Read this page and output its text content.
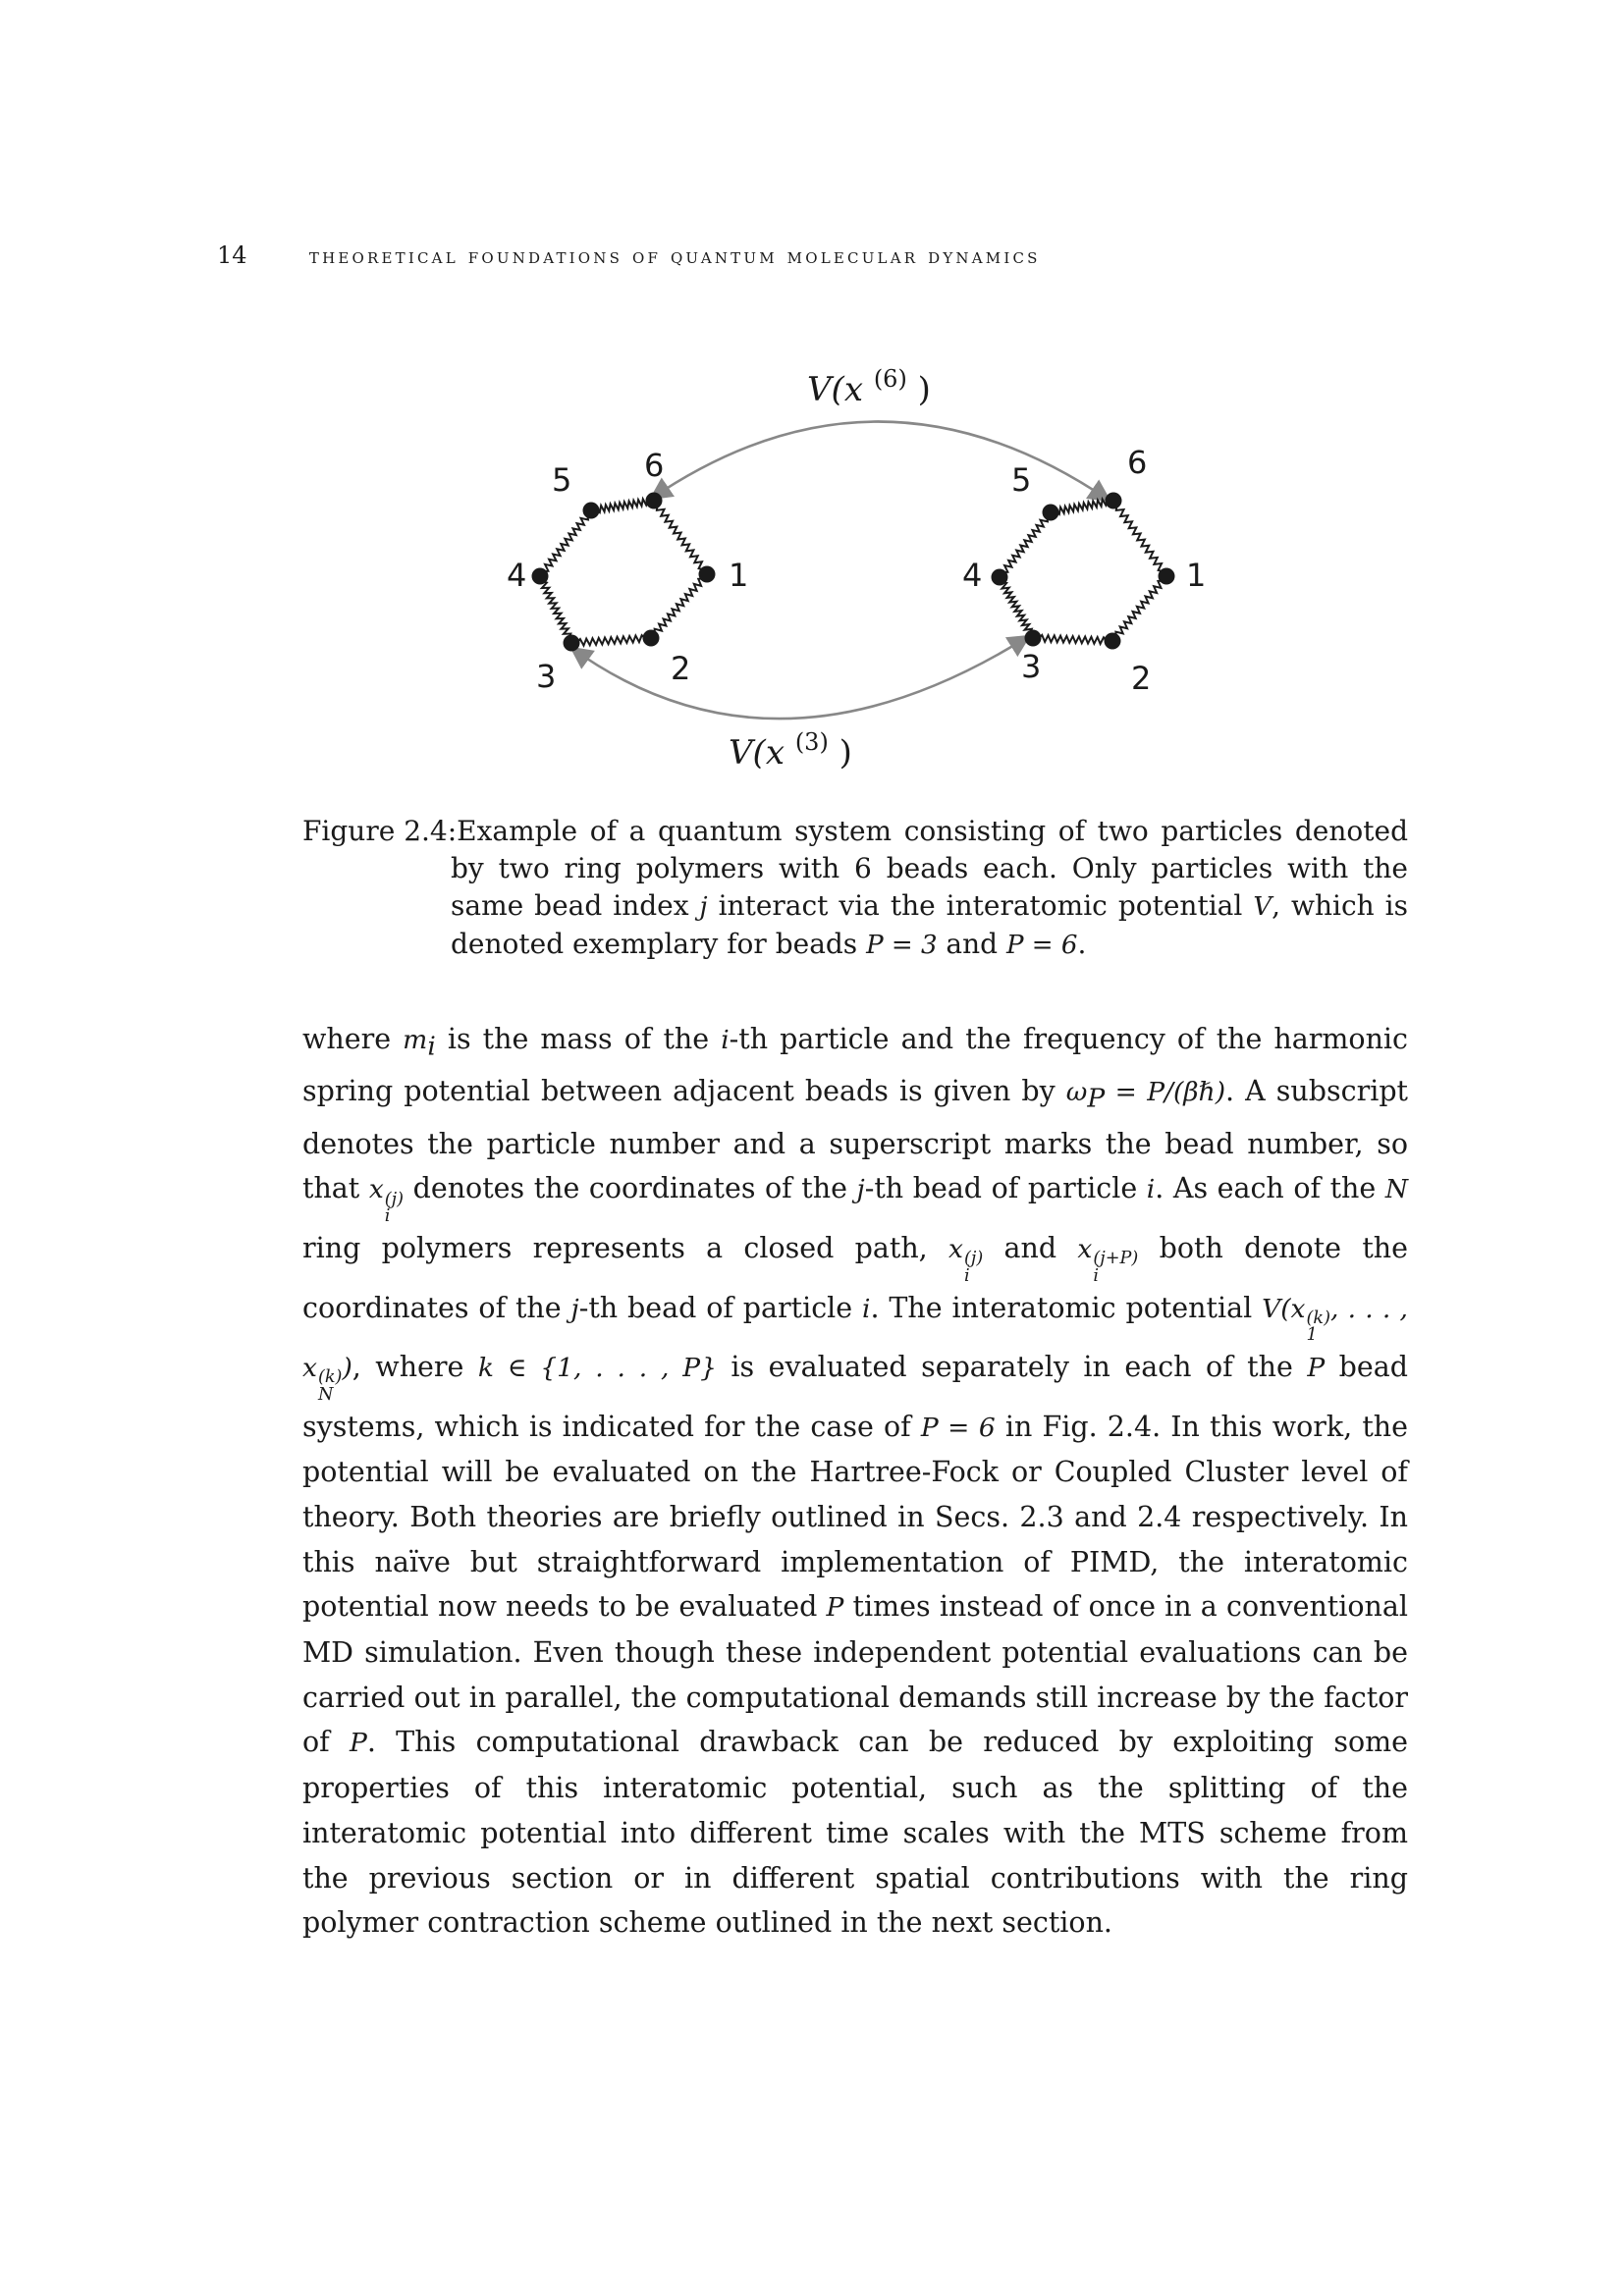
14	theoretical foundations of quantum molecular dynamics
1
2
3
4
5 6
1
2
3
4
5	6
V(x $^{(6)}$ )
V(x $^{(3)}$ )
Figure 2.4: Example of a quantum system consisting of two particles denoted by two ring polymers with 6 beads each. Only particles with the same bead index j interact via the interatomic potential V, which is denoted exemplary for beads P = 3 and P = 6.
where $m_i$ is the mass of the i-th particle and the frequency of the harmonic spring potential between adjacent beads is given by $\omega_P$ = P/(βℏ). A subscript denotes the particle number and a superscript marks the bead number, so that x (j)
i
denotes the coordinates of the j-th bead of particle i. As each of the N ring polymers represents a closed path, x (j)
i
and x (j+P)
i
both denote the coordinates of the j-th bead of particle i. The interatomic potential V(x (k)
1
, . . . , x (k)
N
), where k ∈ {1, . . . , P} is evaluated separately in each of the P bead systems, which is indicated for the case of P = 6 in Fig. 2.4. In this work, the potential will be evaluated on the Hartree-Fock or Coupled Cluster level of theory. Both theories are briefly outlined in Secs. 2.3 and 2.4 respectively. In this naïve but straightforward implementation of PIMD, the interatomic potential now needs to be evaluated P times instead of once in a conventional MD simulation. Even though these independent potential evaluations can be carried out in parallel, the computational demands still increase by the factor of P. This computational drawback can be reduced by exploiting some properties of this interatomic potential, such as the splitting of the interatomic potential into different time scales with the MTS scheme from the previous section or in different spatial contributions with the ring polymer contraction scheme outlined in the next section.
